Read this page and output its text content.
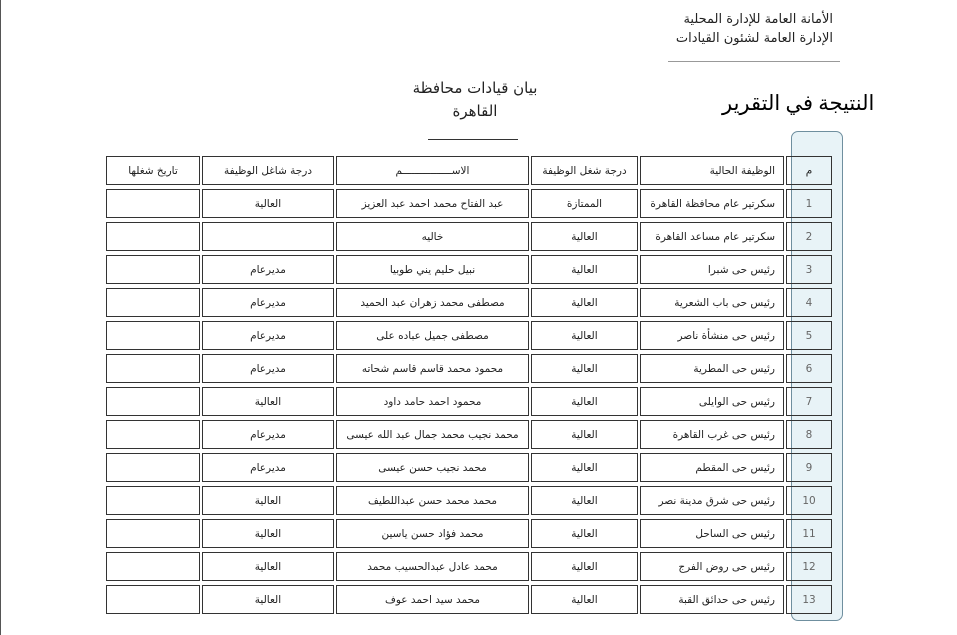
الأمانة العامة للإدارة المحلية
الإدارة العامة لشئون القيادات
بيان قيادات محافظة
القاهرة	النتيجة في التقرير
م	الوظيفة الحالية	درجة شغل الوظيفة	الاســــــــــــــــم	درجة شاغل الوظيفة	تاريخ شغلها
1	سكرتير عام محافظة القاهرة	الممتازة	عبد الفتاح محمد احمد عبد العزيز	العالية	
2	سكرتير عام مساعد القاهرة	العالية	خاليه		
3	رئيس حى شبرا	العالية	نبيل حليم يني طوبيا	مديرعام	
4	رئيس حى باب الشعرية	العالية	مصطفى محمد زهران عبد الحميد	مديرعام	
5	رئيس حى منشأة ناصر	العالية	مصطفى جميل عباده على	مديرعام	
6	رئيس حى المطرية	العالية	محمود محمد قاسم قاسم شحاته	مديرعام	
7	رئيس حى الوايلى	العالية	محمود احمد حامد داود	العالية	
8	رئيس حى غرب القاهرة	العالية	محمد نجيب محمد جمال عبد الله عيسى	مديرعام	
9	رئيس حى المقطم	العالية	محمد نجيب حسن عيسى	مديرعام	
10	رئيس حى شرق مدينة نصر	العالية	محمد محمد حسن عبداللطيف	العالية	
11	رئيس حى الساحل	العالية	محمد فؤاد حسن ياسين	العالية	
12	رئيس حى روض الفرج	العالية	محمد عادل عبدالحسيب محمد	العالية	
13	رئيس حى حدائق القبة	العالية	محمد سيد احمد عوف	العالية	
